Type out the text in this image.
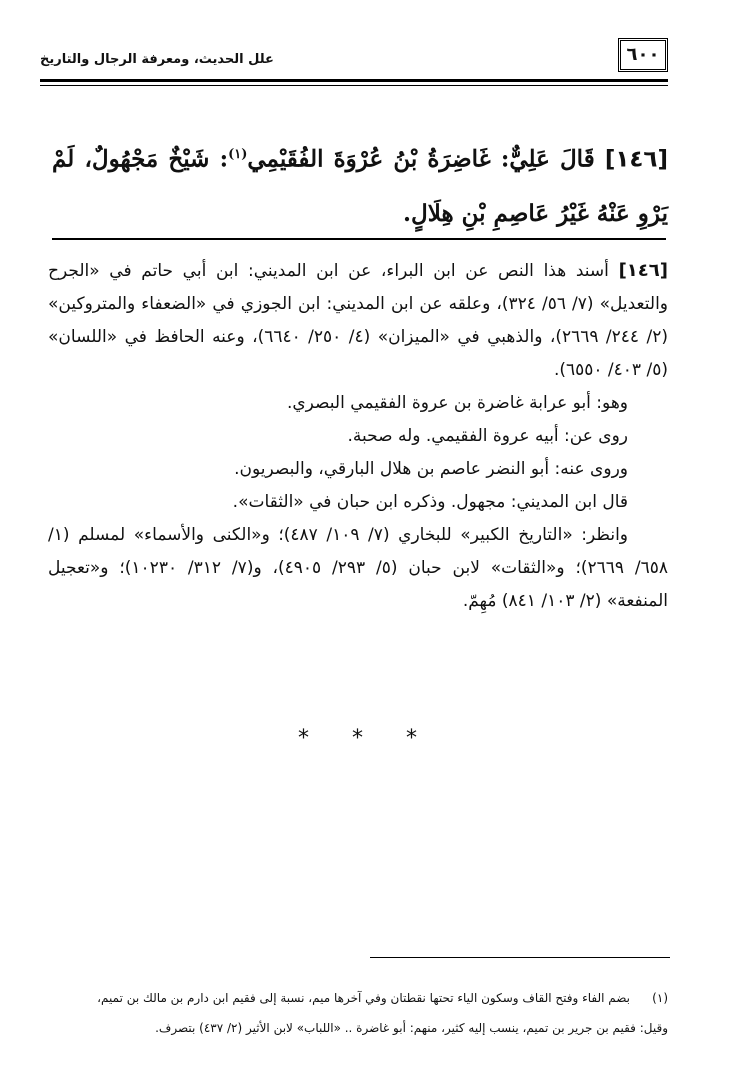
٦٠٠
علل الحديث، ومعرفة الرجال والتاريخ
[١٤٦] قَالَ عَلِيٌّ: غَاضِرَةُ بْنُ عُرْوَةَ الفُقَيْمِي$^{(١)}$: شَيْخٌ مَجْهُولٌ، لَمْ يَرْوِ عَنْهُ غَيْرُ عَاصِمِ بْنِ هِلَالٍ.

[١٤٦] أسند هذا النص عن ابن البراء، عن ابن المديني: ابن أبي حاتم في «الجرح والتعديل» (٧/ ٥٦/ ٣٢٤)، وعلقه عن ابن المديني: ابن الجوزي في «الضعفاء والمتروكين» (٢/ ٢٤٤/ ٢٦٦٩)، والذهبي في «الميزان» (٤/ ٢٥٠/ ٦٦٤٠)، وعنه الحافظ في «اللسان» (٥/ ٤٠٣/ ٦٥٥٠).

وهو: أبو عرابة غاضرة بن عروة الفقيمي البصري.

روى عن: أبيه عروة الفقيمي. وله صحبة.

وروى عنه: أبو النضر عاصم بن هلال البارقي، والبصريون.

قال ابن المديني: مجهول. وذكره ابن حبان في «الثقات».

وانظر: «التاريخ الكبير» للبخاري (٧/ ١٠٩/ ٤٨٧)؛ و«الكنى والأسماء» لمسلم (١/ ٦٥٨/ ٢٦٦٩)؛ و«الثقات» لابن حبان (٥/ ٢٩٣/ ٤٩٠٥)، و(٧/ ٣١٢/ ١٠٢٣٠)؛ و«تعجيل المنفعة» (٢/ ١٠٣/ ٨٤١) مُهِمّ.

* * *

(١)بضم الفاء وفتح القاف وسكون الياء تحتها نقطتان وفي آخرها ميم، نسبة إلى فقيم ابن دارم بن مالك بن تميم،

وقيل: فقيم بن جرير بن تميم، ينسب إليه كثير، منهم: أبو غاضرة .. «اللباب» لابن الأثير (٢/ ٤٣٧) بتصرف.
